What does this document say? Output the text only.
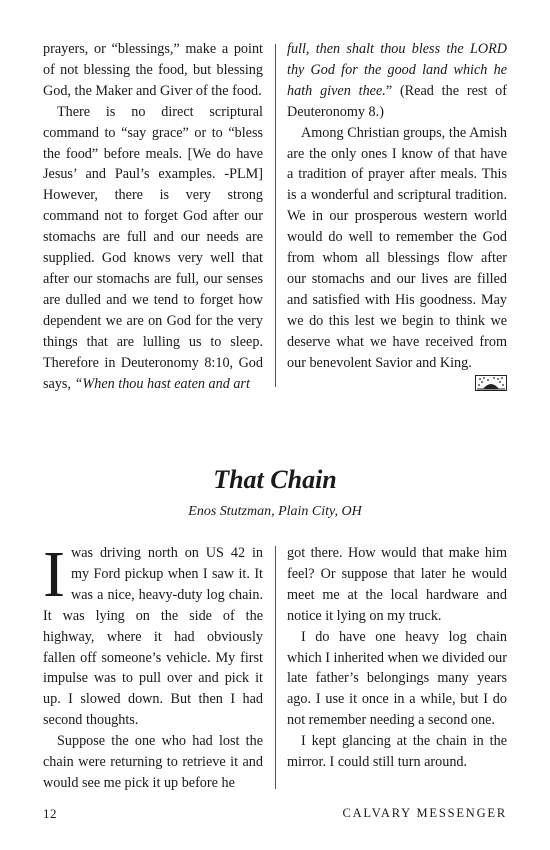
prayers, or “blessings,” make a point of not blessing the food, but blessing God, the Maker and Giver of the food.

There is no direct scriptural command to “say grace” or to “bless the food” before meals. [We do have Jesus’ and Paul’s examples. -PLM] However, there is very strong command not to forget God after our stomachs are full and our needs are supplied. God knows very well that after our stomachs are full, our senses are dulled and we tend to forget how dependent we are on God for the very things that are lulling us to sleep. Therefore in Deuteronomy 8:10, God says, “When thou hast eaten and art

full, then shalt thou bless the LORD thy God for the good land which he hath given thee.” (Read the rest of Deuteronomy 8.)

Among Christian groups, the Amish are the only ones I know of that have a tradition of prayer after meals. This is a wonderful and scriptural tradition. We in our prosperous western world would do well to remember the God from whom all blessings flow after our stomachs and our lives are filled and satisfied with His goodness. May we do this lest we begin to think we deserve what we have received from our benevolent Savior and King.

That Chain
Enos Stutzman, Plain City, OH

Iwas driving north on US 42 in my Ford pickup when I saw it. It was a nice, heavy-duty log chain. It was lying on the side of the highway, where it had obviously fallen off someone’s vehicle. My first impulse was to pull over and pick it up. I slowed down. But then I had second thoughts.

Suppose the one who had lost the chain were returning to retrieve it and would see me pick it up before he

got there. How would that make him feel? Or suppose that later he would meet me at the local hardware and notice it lying on my truck.

I do have one heavy log chain which I inherited when we divided our late father’s belongings many years ago. I use it once in a while, but I do not remember needing a second one.

I kept glancing at the chain in the mirror. I could still turn around.

12	CALVARY MESSENGER
